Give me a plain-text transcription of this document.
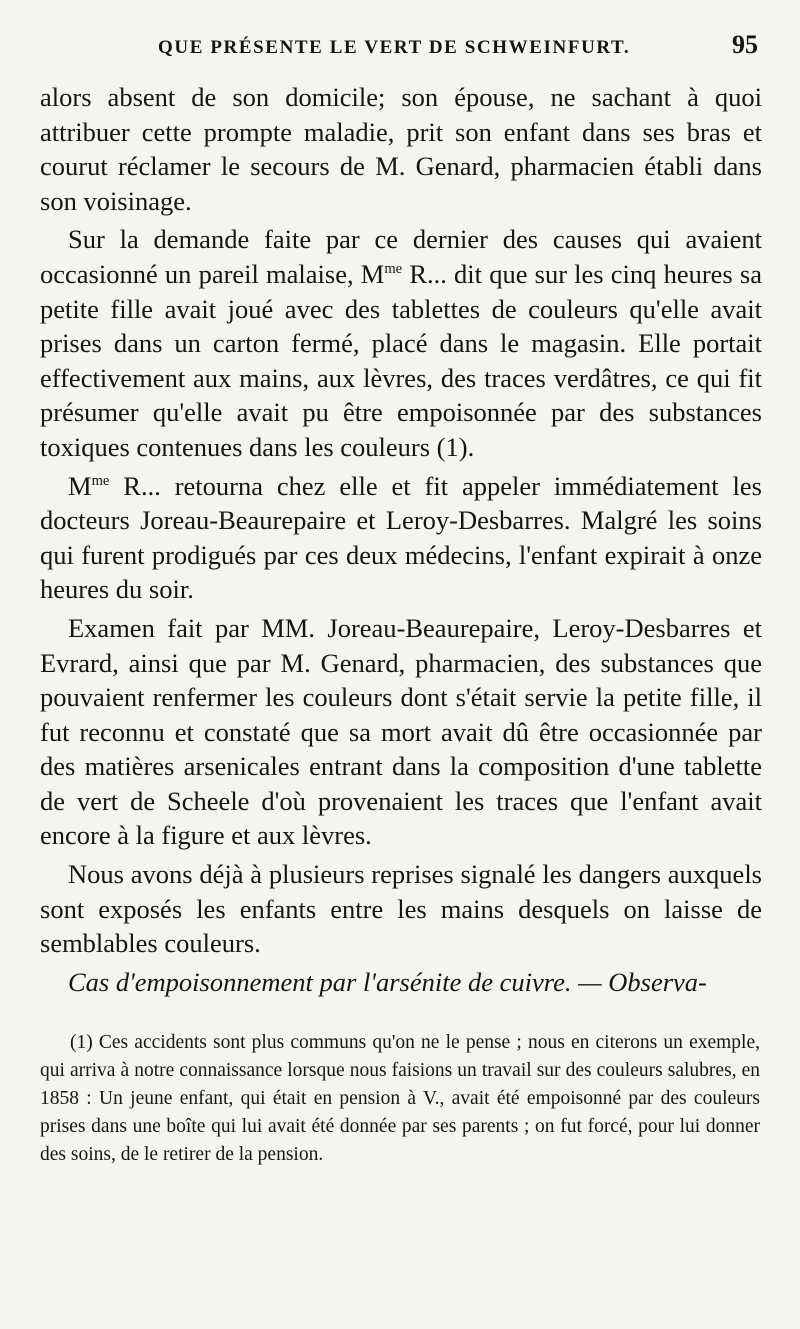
QUE PRÉSENTE LE VERT DE SCHWEINFURT.	95

alors absent de son domicile; son épouse, ne sachant à quoi attribuer cette prompte maladie, prit son enfant dans ses bras et courut réclamer le secours de M. Genard, pharmacien établi dans son voisinage.

Sur la demande faite par ce dernier des causes qui avaient occasionné un pareil malaise, $M^{me}$ R... dit que sur les cinq heures sa petite fille avait joué avec des tablettes de couleurs qu'elle avait prises dans un carton fermé, placé dans le magasin. Elle portait effectivement aux mains, aux lèvres, des traces verdâtres, ce qui fit présumer qu'elle avait pu être empoisonnée par des substances toxiques contenues dans les couleurs (1).

$M^{me}$ R... retourna chez elle et fit appeler immédiatement les docteurs Joreau-Beaurepaire et Leroy-Desbarres. Malgré les soins qui furent prodigués par ces deux médecins, l'enfant expirait à onze heures du soir.

Examen fait par MM. Joreau-Beaurepaire, Leroy-Desbarres et Evrard, ainsi que par M. Genard, pharmacien, des substances que pouvaient renfermer les couleurs dont s'était servie la petite fille, il fut reconnu et constaté que sa mort avait dû être occasionnée par des matières arsenicales entrant dans la composition d'une tablette de vert de Scheele d'où provenaient les traces que l'enfant avait encore à la figure et aux lèvres.

Nous avons déjà à plusieurs reprises signalé les dangers auxquels sont exposés les enfants entre les mains desquels on laisse de semblables couleurs.

Cas d'empoisonnement par l'arsénite de cuivre. — Observa-

(1) Ces accidents sont plus communs qu'on ne le pense ; nous en citerons un exemple, qui arriva à notre connaissance lorsque nous faisions un travail sur des couleurs salubres, en 1858 : Un jeune enfant, qui était en pension à V., avait été empoisonné par des couleurs prises dans une boîte qui lui avait été donnée par ses parents ; on fut forcé, pour lui donner des soins, de le retirer de la pension.
